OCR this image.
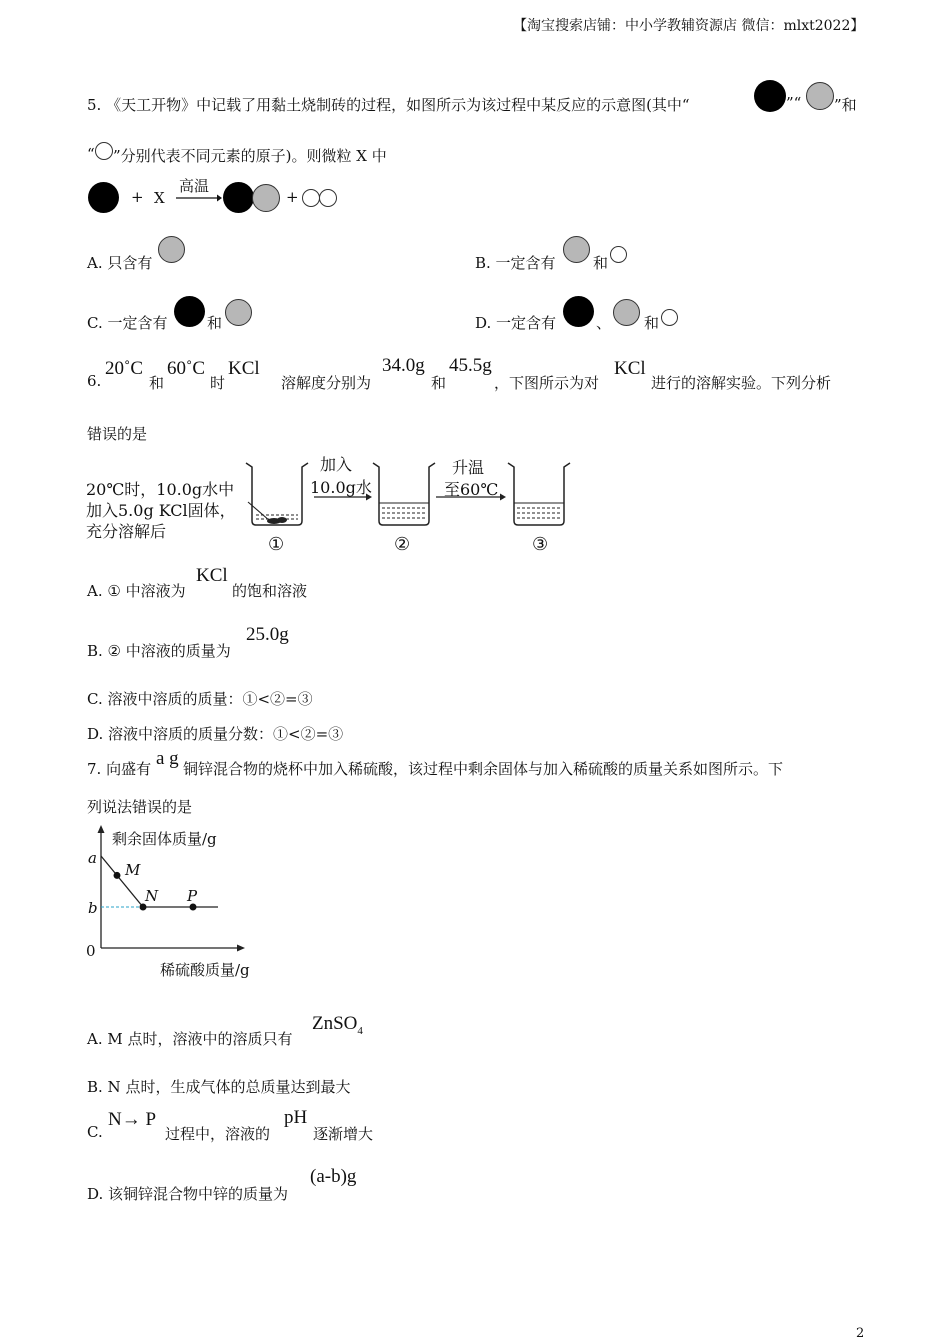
【淘宝搜索店铺：中小学教辅资源店 微信：mlxt2022】
5. 《天工开物》中记载了用黏土烧制砖的过程，如图所示为该过程中某反应的示意图(其中“	”“ ”和
“ ”分别代表不同元素的原子)。则微粒 X 中
+ X
高温
+
A. 只含有	B. 一定含有 和
C. 一定含有	和	D. 一定含有	、 和
6.
20˚C
和
60˚C
时
KCl
溶解度分别为
34.0g
和
45.5g
，下图所示为对
KCl
进行的溶解实验。下列分析
错误的是
20℃时，10.0g水中
加入5.0g KCl固体，
充分溶解后
加入
10.0g水
升温
至60℃
①	②	③
A. ① 中溶液为
KCl
的饱和溶液
B. ② 中溶液的质量为
25.0g
C. 溶液中溶质的质量：①<②=③
D. 溶液中溶质的质量分数：①<②=③
7. 向盛有 a g 铜锌混合物的烧杯中加入稀硫酸，该过程中剩余固体与加入稀硫酸的质量关系如图所示。下
列说法错误的是
剩余固体质量/g
稀硫酸质量/g
0
a
b
M
N P
A. M 点时，溶液中的溶质只有
ZnSO$_4$
B. N 点时，生成气体的总质量达到最大
C.
N→ P
过程中，溶液的
pH
逐渐增大
D. 该铜锌混合物中锌的质量为
(a-b)g
2
